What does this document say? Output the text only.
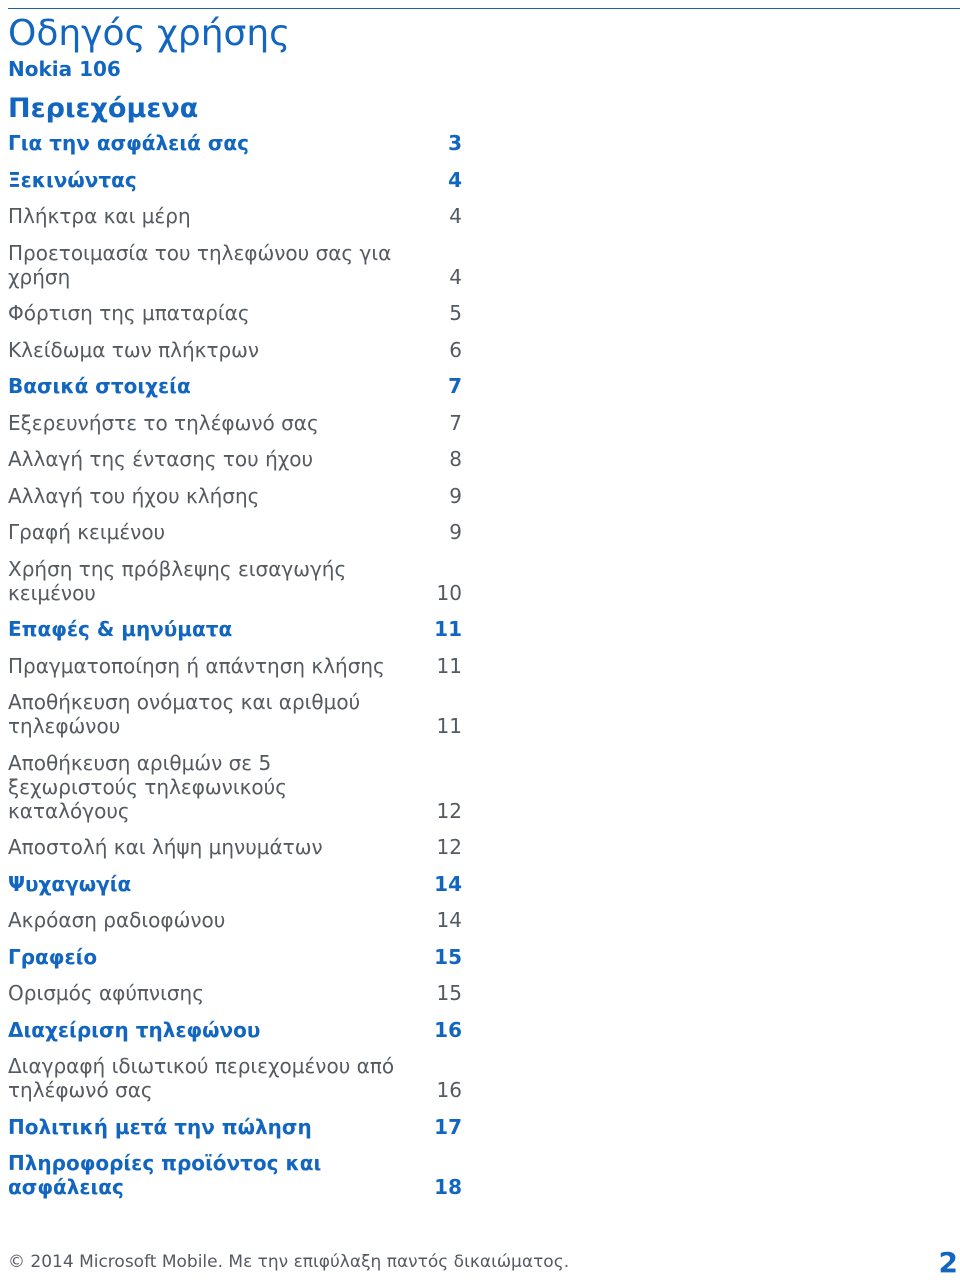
Οδηγός χρήσης
Nokia 106
Περιεχόμενα
Για την ασφάλειά σας	3
Ξεκινώντας	4
Πλήκτρα και μέρη	4
Προετοιμασία του τηλεφώνου σας για χρήση	4
Φόρτιση της μπαταρίας	5
Κλείδωμα των πλήκτρων	6
Βασικά στοιχεία	7
Εξερευνήστε το τηλέφωνό σας	7
Αλλαγή της έντασης του ήχου	8
Αλλαγή του ήχου κλήσης	9
Γραφή κειμένου	9
Χρήση της πρόβλεψης εισαγωγής κειμένου	10
Επαφές & μηνύματα	11
Πραγματοποίηση ή απάντηση κλήσης	11
Αποθήκευση ονόματος και αριθμού τηλεφώνου	11
Αποθήκευση αριθμών σε 5 ξεχωριστούς τηλεφωνικούς καταλόγους	12
Αποστολή και λήψη μηνυμάτων	12
Ψυχαγωγία	14
Ακρόαση ραδιοφώνου	14
Γραφείο	15
Ορισμός αφύπνισης	15
Διαχείριση τηλεφώνου	16
Διαγραφή ιδιωτικού περιεχομένου από τηλέφωνό σας	16
Πολιτική μετά την πώληση	17
Πληροφορίες προϊόντος και ασφάλειας	18
© 2014 Microsoft Mobile. Με την επιφύλαξη παντός δικαιώματος.	2
